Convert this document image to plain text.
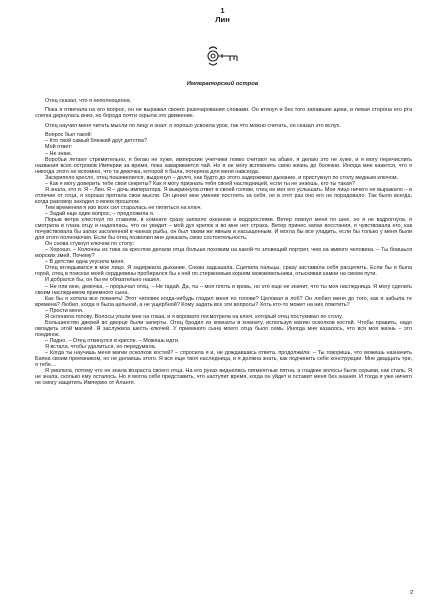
1
Лин
Императорский остров

Отец сказал, что я неполноценна.

Пока я отвечала на его вопрос, он не выражал своего разочарования словами. Он втянул и без того запавшие щеки, и левая сторона его рта слегка дернулась вниз, но борода почти скрыла это движение.

Отец научил меня читать мысли по лицу и знал: я хорошо усвоила урок, так что можно считать, он сказал это вслух.

Вопрос был такой:

– Кто твой самый близкий друг детства?

Мой ответ:

– Не знаю.

Воробьи летают стремительно, я бегаю не хуже, имперские учетчики ловко считают на абаке, я делаю это не хуже, и я могу перечислить названия всех островов Империи за время, пока заваривается чай. Но я не могу вспомнить свою жизнь до болезни. Иногда мне кажется, что я никогда этого не вспомню, что та девочка, которой я была, потеряна для меня навсегда.

Заскрипело кресло, отец пошевелился, выдохнул – долго, как будто до этого задерживал дыхание, и пристукнул по столу медным ключом.

– Как я могу доверить тебе свои секреты? Как я могу признать тебя своей наследницей, если ты не знаешь, кто ты такая?

Я знала, кто я. Я – Лин. Я – дочь императора. Я выкринкула ответ в своей голове, отец не мог его услышать. Мое лицо ничего не выражало – в отличие от отца, я хорошо прятала свои мысли. Он ценил мое умение постоять за себя, но в этот раз оно его не порадовало. Так было всегда, когда разговор заходил о моем прошлом.

Тем временем я изо всех сил старалась не пялиться на ключ.

– Задай еще один вопрос, – предложила я.

Порыв ветра хлестнул по ставням, в комнате сразу запахло океаном и водорослями. Ветер лизнул меня по шее, но я не вздрогнула, я смотрела в глаза отцу и надеялась, что он увидит – мой дух крепок и во мне нет страха. Ветер принес запах восстания, я чувствовала его, как почувствовала бы запах засоленной в чанках рыбы, он был таким же явным и насыщенным. И могла бы все уладить, если бы только у меня были для этого полномочия. Если бы отец позволил мне доказать свою состоятельность.

Он снова стукнул ключом по столу:

– Хорошо. – Колонны из тика за креслом делали отца больше похожим на какой-то зловещий портрет, чем на живого человека. – Ты боишься морских змей. Почему?

– В детстве одна укусила меня.

Отец вглядывался в мое лицо. Я задержала дыхание. Снова задышала. Сцепила пальцы, сразу заставила себя расцепить. Если бы я была горой, отец в поисках моей сердцевины пробирался бы к ней по стержневым корням можжевельника, отыскивая камни на своем пути.

И добрался бы, он бы ее обязательно нашел.

– Не пли мне, девочка, – прорычал отец. – Не гадай. Да, ты – моя плоть и кровь, но это еще не значит, что ты моя наследница. Я могу сделать своим наследником приемного сына.

Как бы я хотела все помнить! Этот человек когда-нибудь гладил меня по голове? Целовал в лоб? Он любил меня до того, как я забыла те времена? Любил, когда я была цельной, а не ущербной? Кому задать все эти вопросы? Хоть кто-то может на них ответить?

– Прости меня.

Я склонила голову. Волосы упали мне на глаза, и я вороватo посмотрела на ключ, который отец постукивал по столу.

Большинство дверей во дворце были заперты. Отец бродил из комнаты в комнату, используя магию осколков костей. Чтобы править, надо овладеть этой магией. Я заслужила шесть ключей. У приемного сына моего отца было семь. Иногда мне казалось, что вся моя жизнь – это поединок.

– Ладно. – Отец откинулся в кресле. – Можешь идти.

Я встала, чтобы удалиться, но передумала.

– Когда ты научишь меня магии осколков костей? – спросила я и, не дождавшись ответа, продолжила: – Ты говоришь, что можешь назначить Баяна своим преемником, но не делаешь этого. Я все еще твоя наследница, и я должна знать, как подчинить себе конструкции. Мне двадцать три, я тебе…

Я умолкла, потому что не знала возраста своего отца. На его руках виднелись пигментные пятна, а гладкие волосы были серыми, как сталь. Я не знала, сколько ему осталось. Но я могла себе представить, что наступит время, когда он уйдет и оставит меня без знания. И тогда я уже ничего не смогу защитить Империю от Алангп.

2
